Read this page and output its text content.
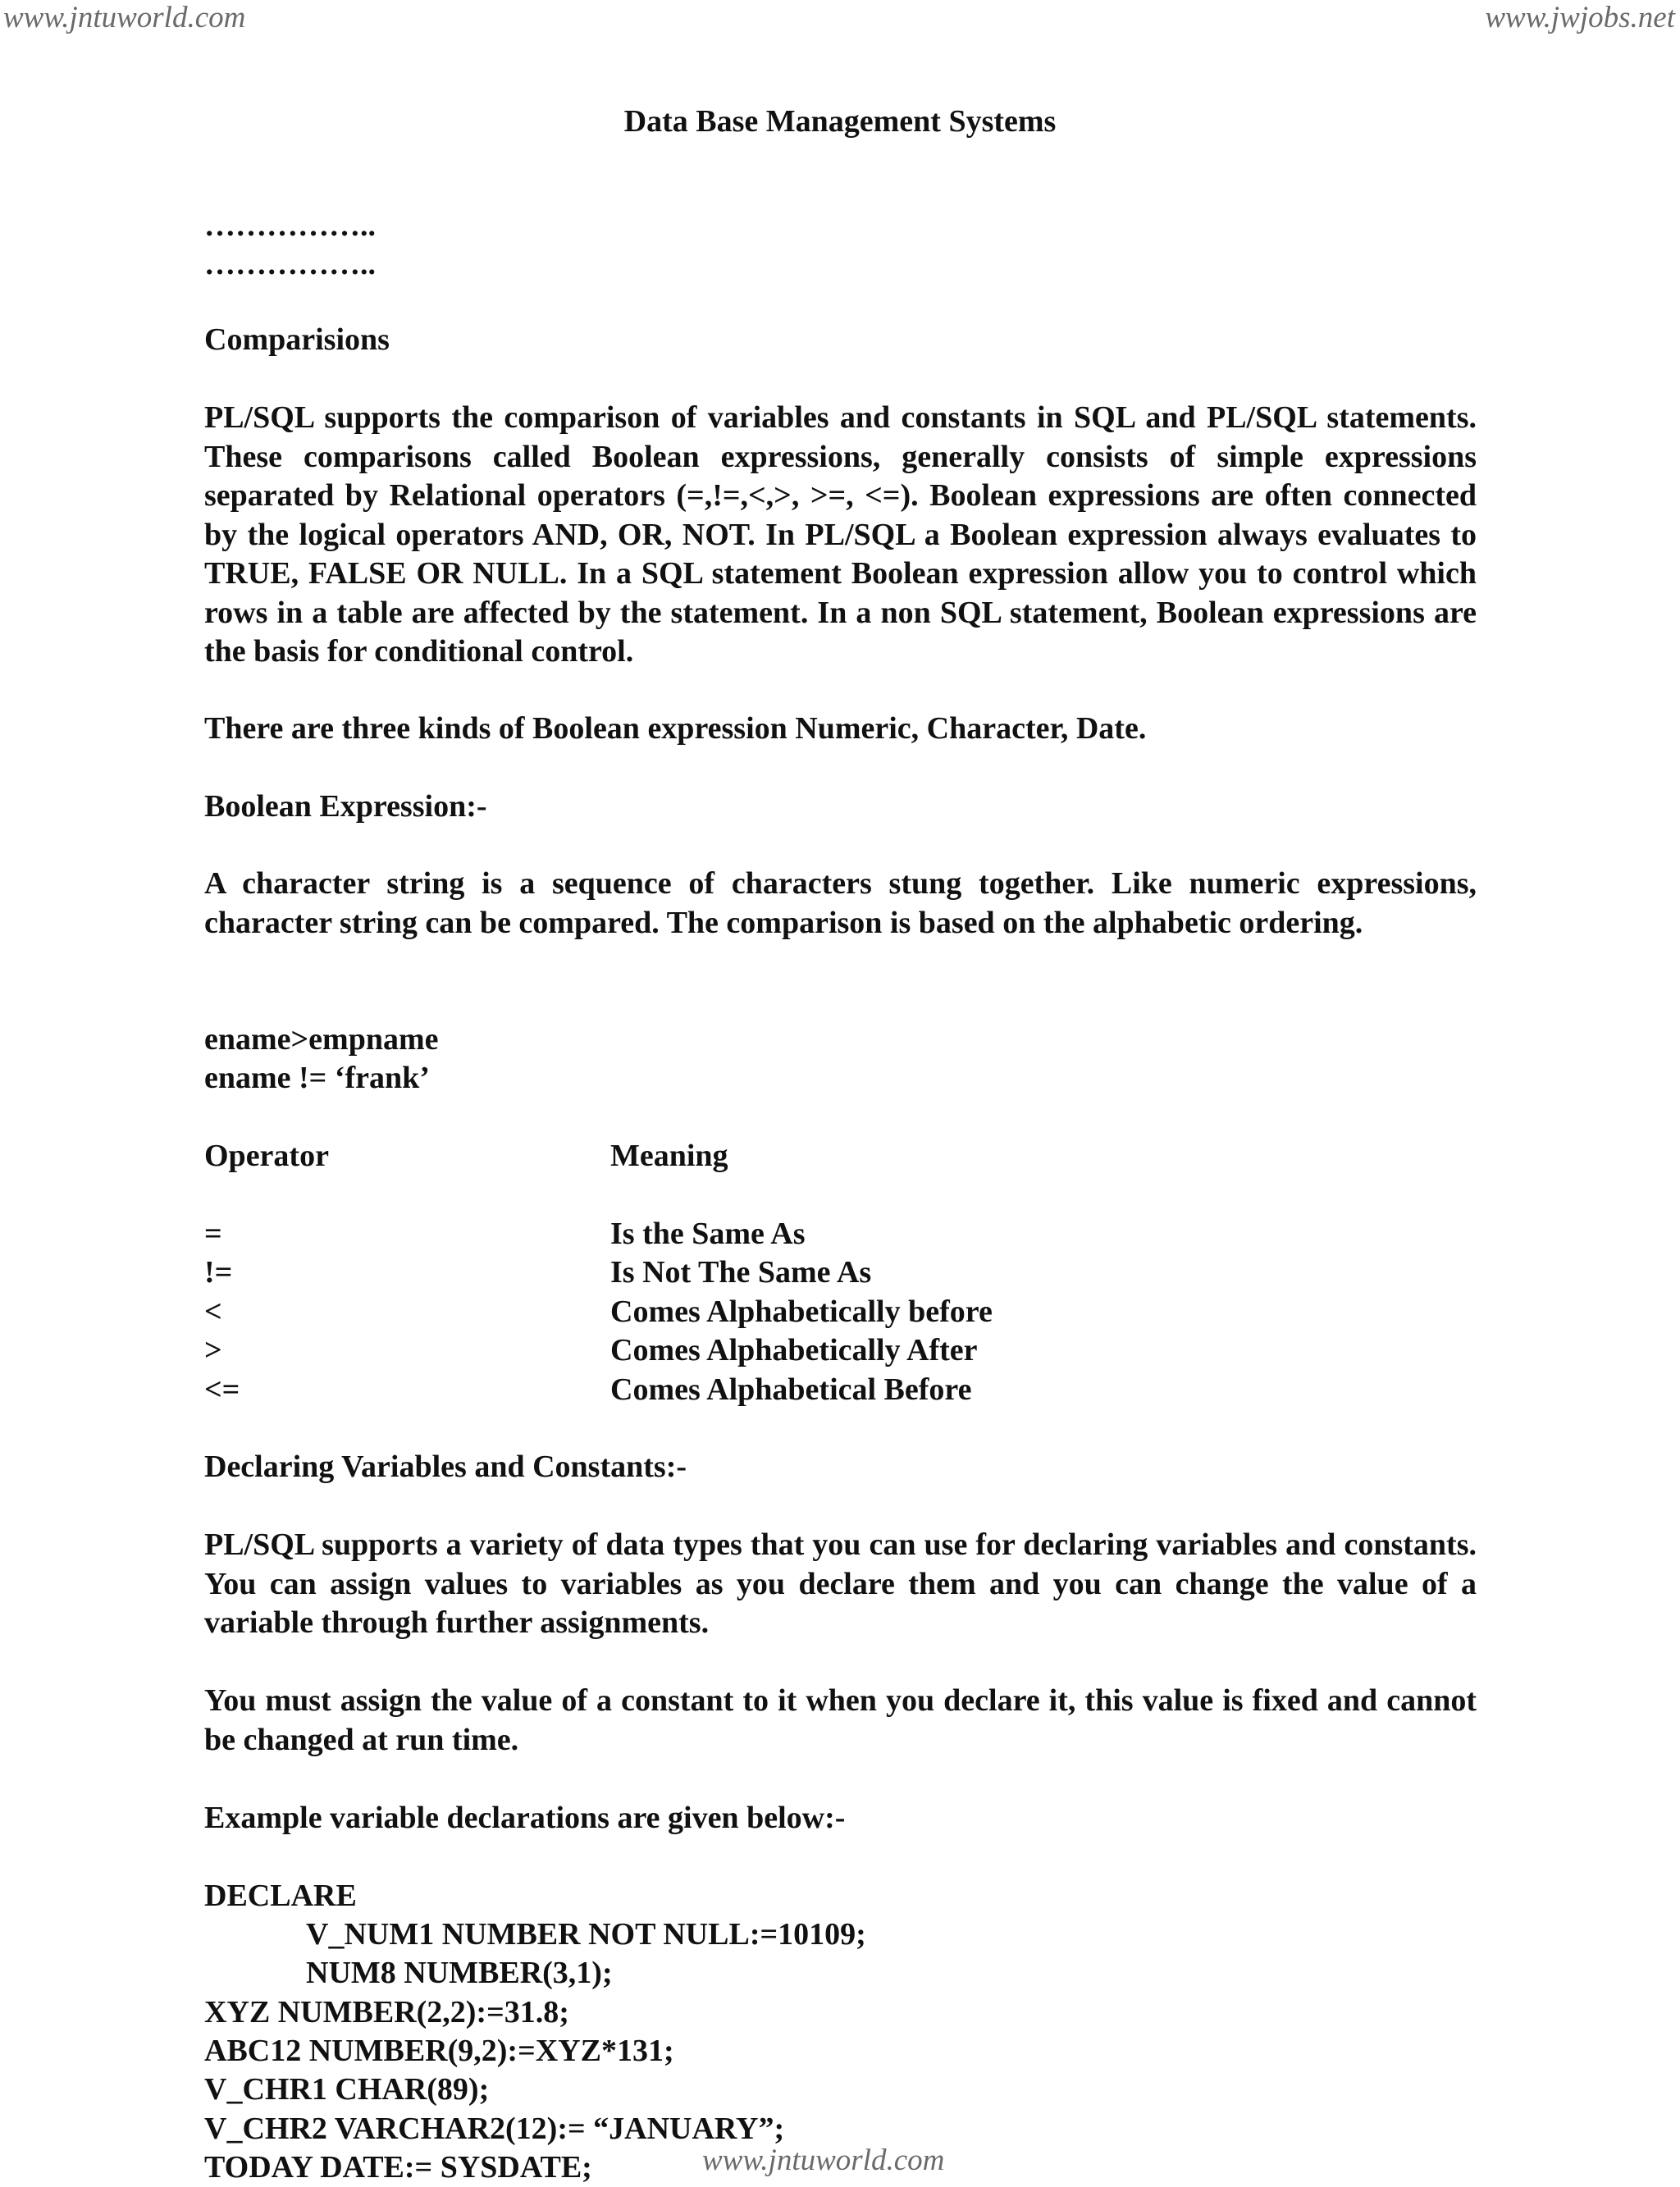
www.jntuworld.com	www.jwjobs.net
Data Base Management Systems
……………..
……………..
Comparisions
PL/SQL supports the comparison of variables and constants in SQL and PL/SQL statements. These comparisons called Boolean expressions, generally consists of simple expressions separated by Relational operators (=,!=,<,>, >=, <=). Boolean expressions are often connected by the logical operators AND, OR, NOT. In PL/SQL a Boolean expression always evaluates to TRUE, FALSE OR NULL. In a SQL statement Boolean expression allow you to control which rows in a table are affected by the statement. In a non SQL statement, Boolean expressions are the basis for conditional control.
There are three kinds of Boolean expression Numeric, Character, Date.
Boolean Expression:-
A character string is a sequence of characters stung together. Like numeric expressions, character string can be compared. The comparison is based on the alphabetic ordering.
ename>empname
ename != ‘frank’
Operator	Meaning
=	Is the Same As
!=	Is Not The Same As
<	Comes Alphabetically before
>	Comes Alphabetically After
<=	Comes Alphabetical Before
Declaring Variables and Constants:-
PL/SQL supports a variety of data types that you can use for declaring variables and constants. You can assign values to variables as you declare them and you can change the value of a variable through further assignments.
You must assign the value of a constant to it when you declare it, this value is fixed and cannot be changed at run time.
Example variable declarations are given below:-
DECLARE
V_NUM1 NUMBER NOT NULL:=10109;
NUM8 NUMBER(3,1);
XYZ NUMBER(2,2):=31.8;
ABC12 NUMBER(9,2):=XYZ*131;
V_CHR1 CHAR(89);
V_CHR2 VARCHAR2(12):= “JANUARY”;
TODAY DATE:= SYSDATE;	www.jntuworld.com
